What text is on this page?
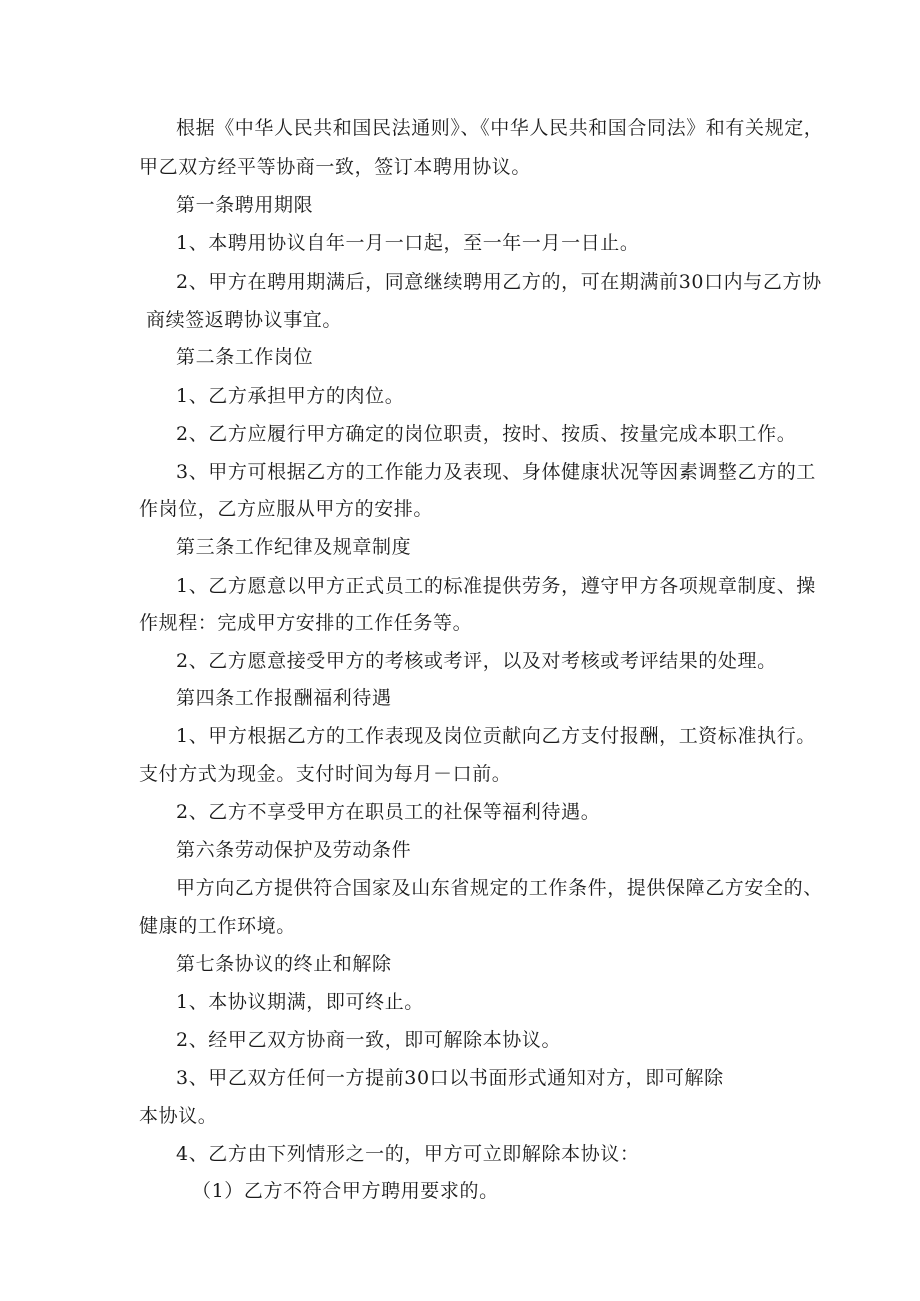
根据《中华人民共和国民法通则》、《中华人民共和国合同法》和有关规定，
甲乙双方经平等协商一致，签订本聘用协议。
第一条聘用期限
1、本聘用协议自年一月一口起，至一年一月一日止。
2、甲方在聘用期满后，同意继续聘用乙方的，可在期满前30口内与乙方协
商续签返聘协议事宜。
第二条工作岗位
1、乙方承担甲方的肉位。
2、乙方应履行甲方确定的岗位职责，按时、按质、按量完成本职工作。
3、甲方可根据乙方的工作能力及表现、身体健康状况等因素调整乙方的工
作岗位，乙方应服从甲方的安排。
第三条工作纪律及规章制度
1、乙方愿意以甲方正式员工的标准提供劳务，遵守甲方各项规章制度、操
作规程：完成甲方安排的工作任务等。
2、乙方愿意接受甲方的考核或考评，以及对考核或考评结果的处理。
第四条工作报酬福利待遇
1、甲方根据乙方的工作表现及岗位贡献向乙方支付报酬，工资标准执行。
支付方式为现金。支付时间为每月－口前。
2、乙方不享受甲方在职员工的社保等福利待遇。
第六条劳动保护及劳动条件
甲方向乙方提供符合国家及山东省规定的工作条件，提供保障乙方安全的、
健康的工作环境。
第七条协议的终止和解除
1、本协议期满，即可终止。
2、经甲乙双方协商一致，即可解除本协议。
3、甲乙双方任何一方提前30口以书面形式通知对方，即可解除
本协议。
4、乙方由下列情形之一的，甲方可立即解除本协议：
（1）乙方不符合甲方聘用要求的。
